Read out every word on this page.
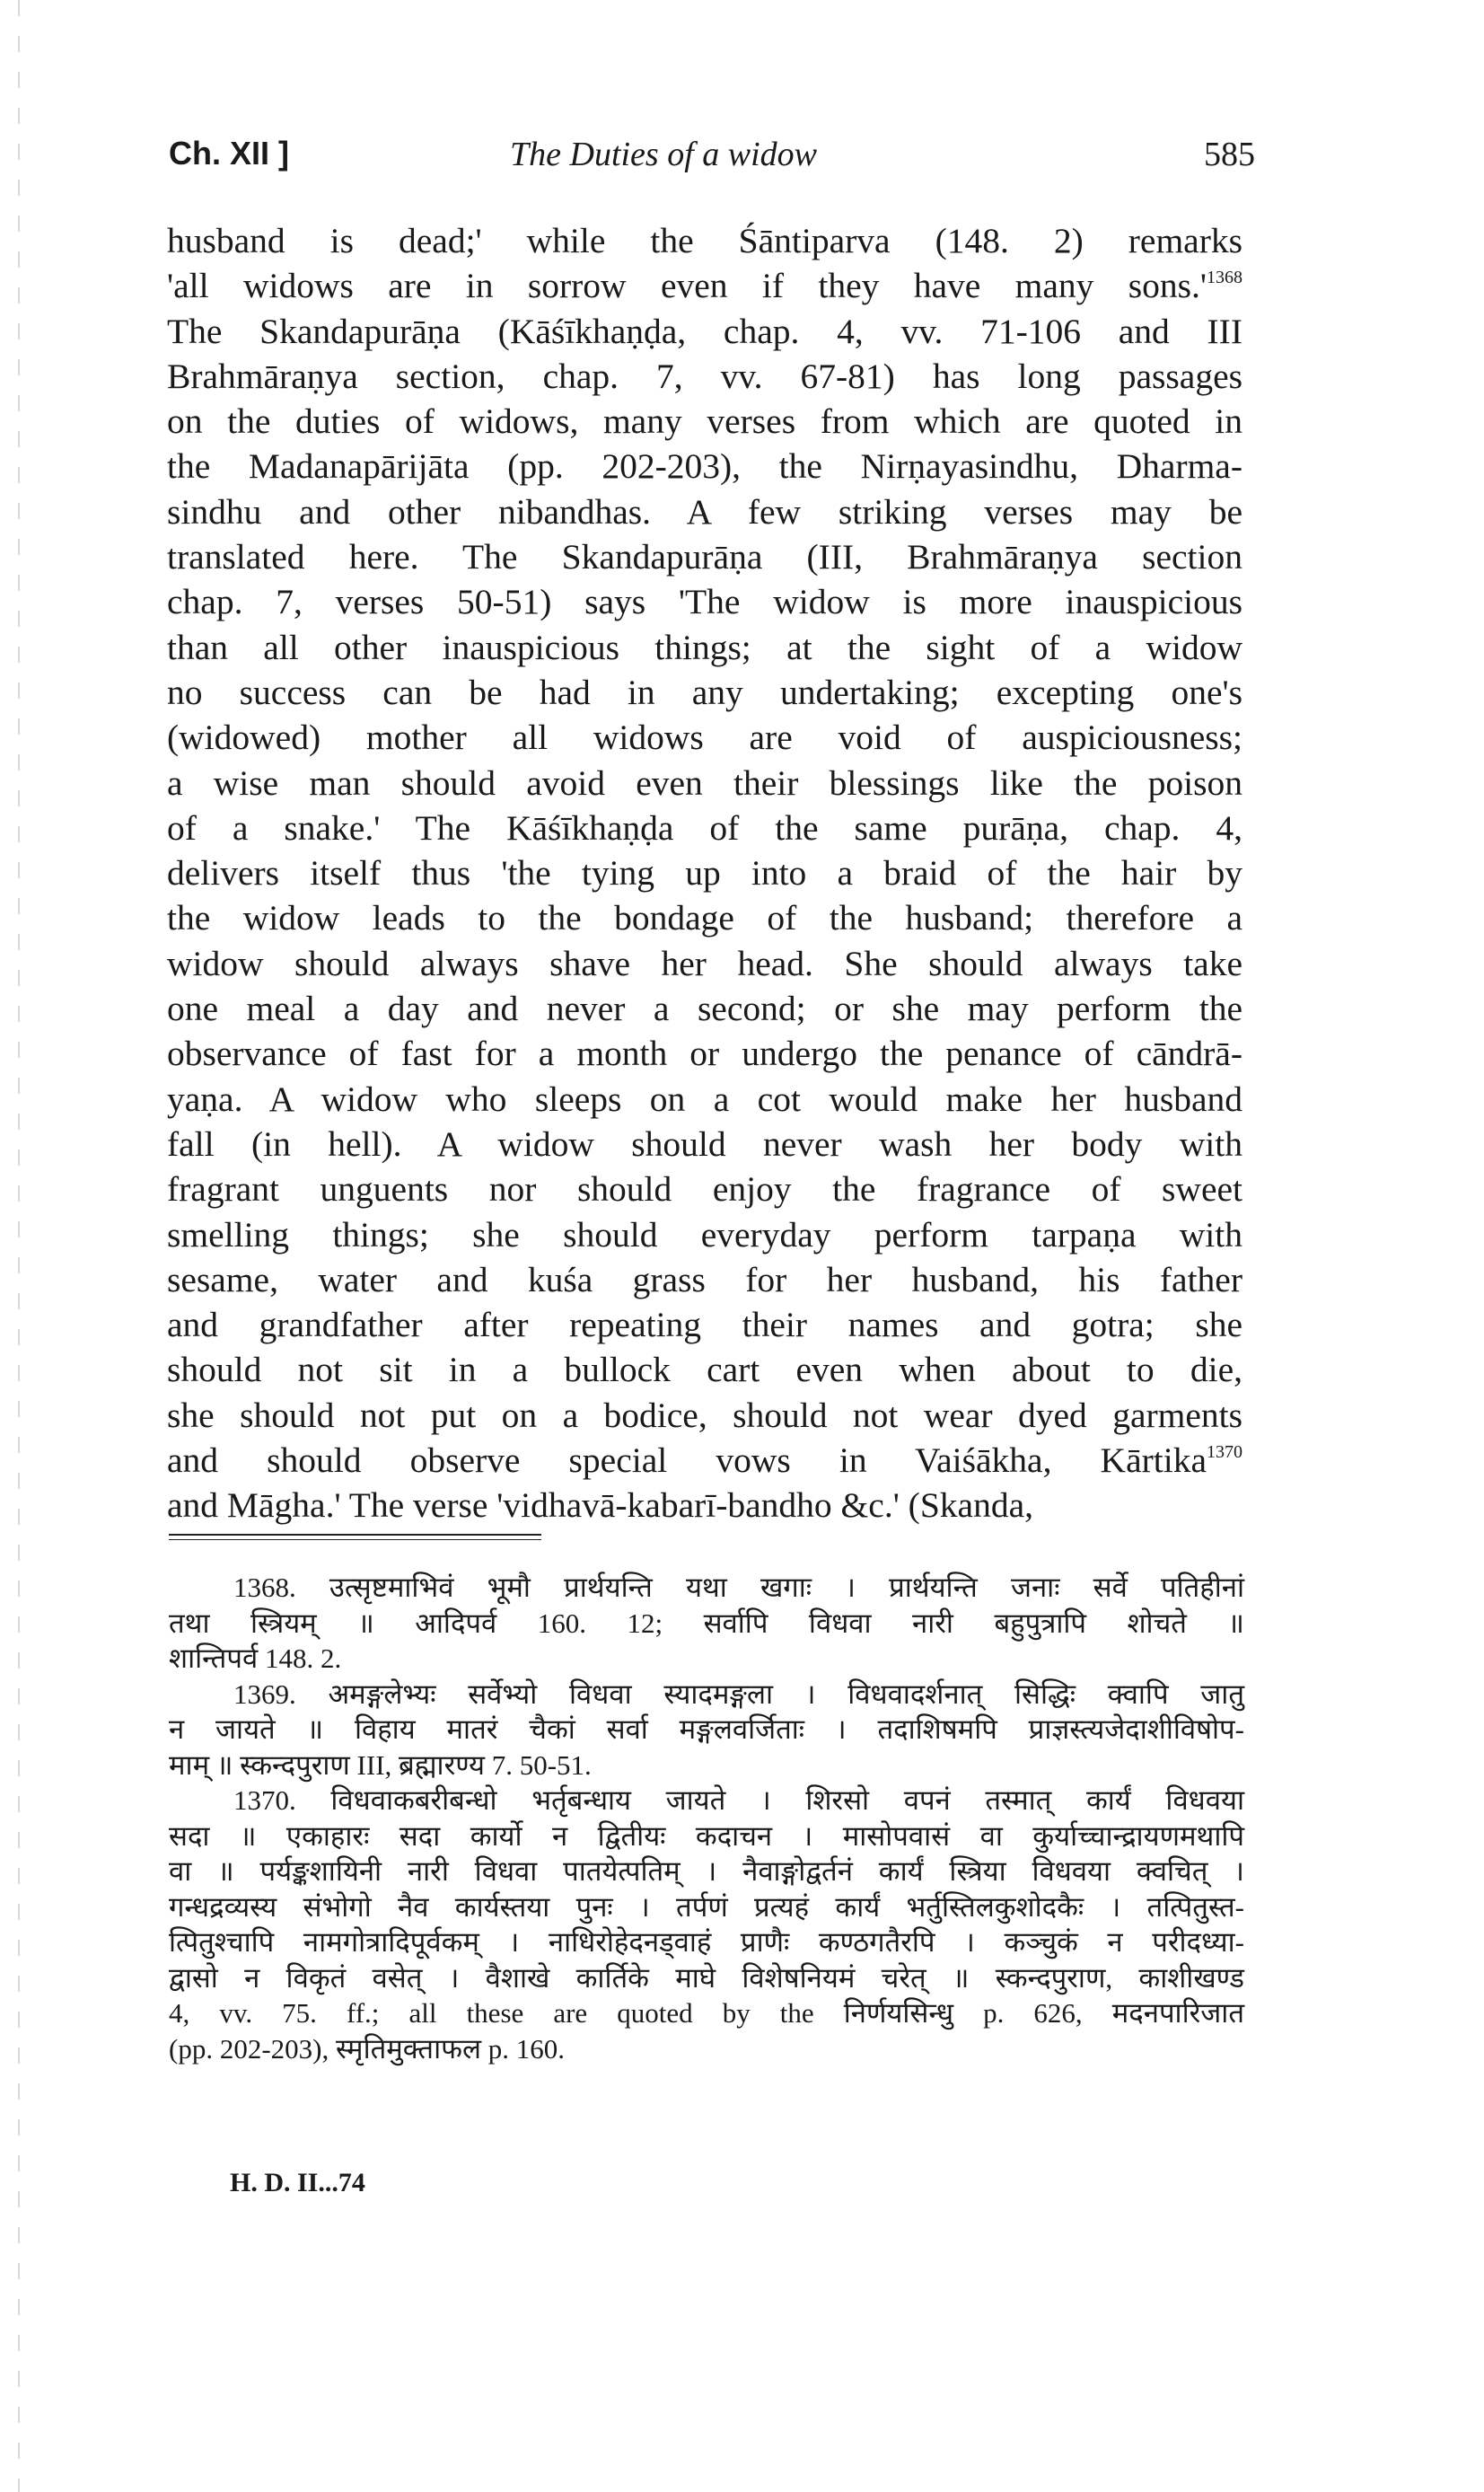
Ch. XII ]	The Duties of a widow	585
husband is dead;' while the Śāntiparva (148. 2) remarks
'all widows are in sorrow even if they have many $sons.'^{1368}$
The Skandapurāṇa (Kāśīkhaṇḍa, chap. 4, vv. 71-106 and III
Brahmāraṇya section, chap. 7, vv. 67-81) has long passages
on the duties of widows, many verses from which are quoted in
the Madanapārijāta (pp. 202-203), the Nirṇayasindhu, Dharma-
sindhu and other nibandhas. A few striking verses may be
translated here. The Skandapurāṇa (III, Brahmāraṇya section
chap. 7, verses 50-51) says 'The widow is more inauspicious
than all other inauspicious things; at the sight of a widow
no success can be had in any undertaking; excepting one's
(widowed) mother all widows are void of auspiciousness;
a wise man should avoid even their blessings like the poison
of a snake.' The Kāśīkhaṇḍa of the same purāṇa, chap. 4,
delivers itself thus 'the tying up into a braid of the hair by
the widow leads to the bondage of the husband; therefore a
widow should always shave her head. She should always take
one meal a day and never a second; or she may perform the
observance of fast for a month or undergo the penance of cāndrā-
yaṇa. A widow who sleeps on a cot would make her husband
fall (in hell). A widow should never wash her body with
fragrant unguents nor should enjoy the fragrance of sweet
smelling things; she should everyday perform tarpaṇa with
sesame, water and kuśa grass for her husband, his father
and grandfather after repeating their names and gotra; she
should not sit in a bullock cart even when about to die,
she should not put on a bodice, should not wear dyed garments
and should observe special vows in Vaiśākha, Kārtika$^{1370}$
and Māgha.' The verse 'vidhavā-kabarī-bandho &c.' (Skanda,
1368. उत्सृष्टमाभिवं भूमौ प्रार्थयन्ति यथा खगाः । प्रार्थयन्ति जनाः सर्वे पतिहीनां
तथा स्त्रियम् ॥ आदिपर्व 160. 12; सर्वापि विधवा नारी बहुपुत्रापि शोचते ॥
शान्तिपर्व 148. 2.
1369. अमङ्गलेभ्यः सर्वेभ्यो विधवा स्यादमङ्गला । विधवादर्शनात् सिद्धिः क्वापि जातु
न जायते ॥ विहाय मातरं चैकां सर्वा मङ्गलवर्जिताः । तदाशिषमपि प्राज्ञस्त्यजेदाशीविषोप-
माम् ॥ स्कन्दपुराण III, ब्रह्मारण्य 7. 50-51.
1370. विधवाकबरीबन्धो भर्तृबन्धाय जायते । शिरसो वपनं तस्मात् कार्यं विधवया
सदा ॥ एकाहारः सदा कार्यो न द्वितीयः कदाचन । मासोपवासं वा कुर्याच्चान्द्रायणमथापि
वा ॥ पर्यङ्कशायिनी नारी विधवा पातयेत्पतिम् । नैवाङ्गोद्वर्तनं कार्यं स्त्रिया विधवया क्वचित् ।
गन्धद्रव्यस्य संभोगो नैव कार्यस्तया पुनः । तर्पणं प्रत्यहं कार्यं भर्तुस्तिलकुशोदकैः । तत्पितुस्त-
त्पितुश्चापि नामगोत्रादिपूर्वकम् । नाधिरोहेदनड्वाहं प्राणैः कण्ठगतैरपि । कञ्चुकं न परीदध्या-
द्वासो न विकृतं वसेत् । वैशाखे कार्तिके माघे विशेषनियमं चरेत् ॥ स्कन्दपुराण, काशीखण्ड
4, vv. 75. ff.; all these are quoted by the निर्णयसिन्धु p. 626, मदनपारिजात
(pp. 202-203), स्मृतिमुक्ताफल p. 160.
H. D. II...74
